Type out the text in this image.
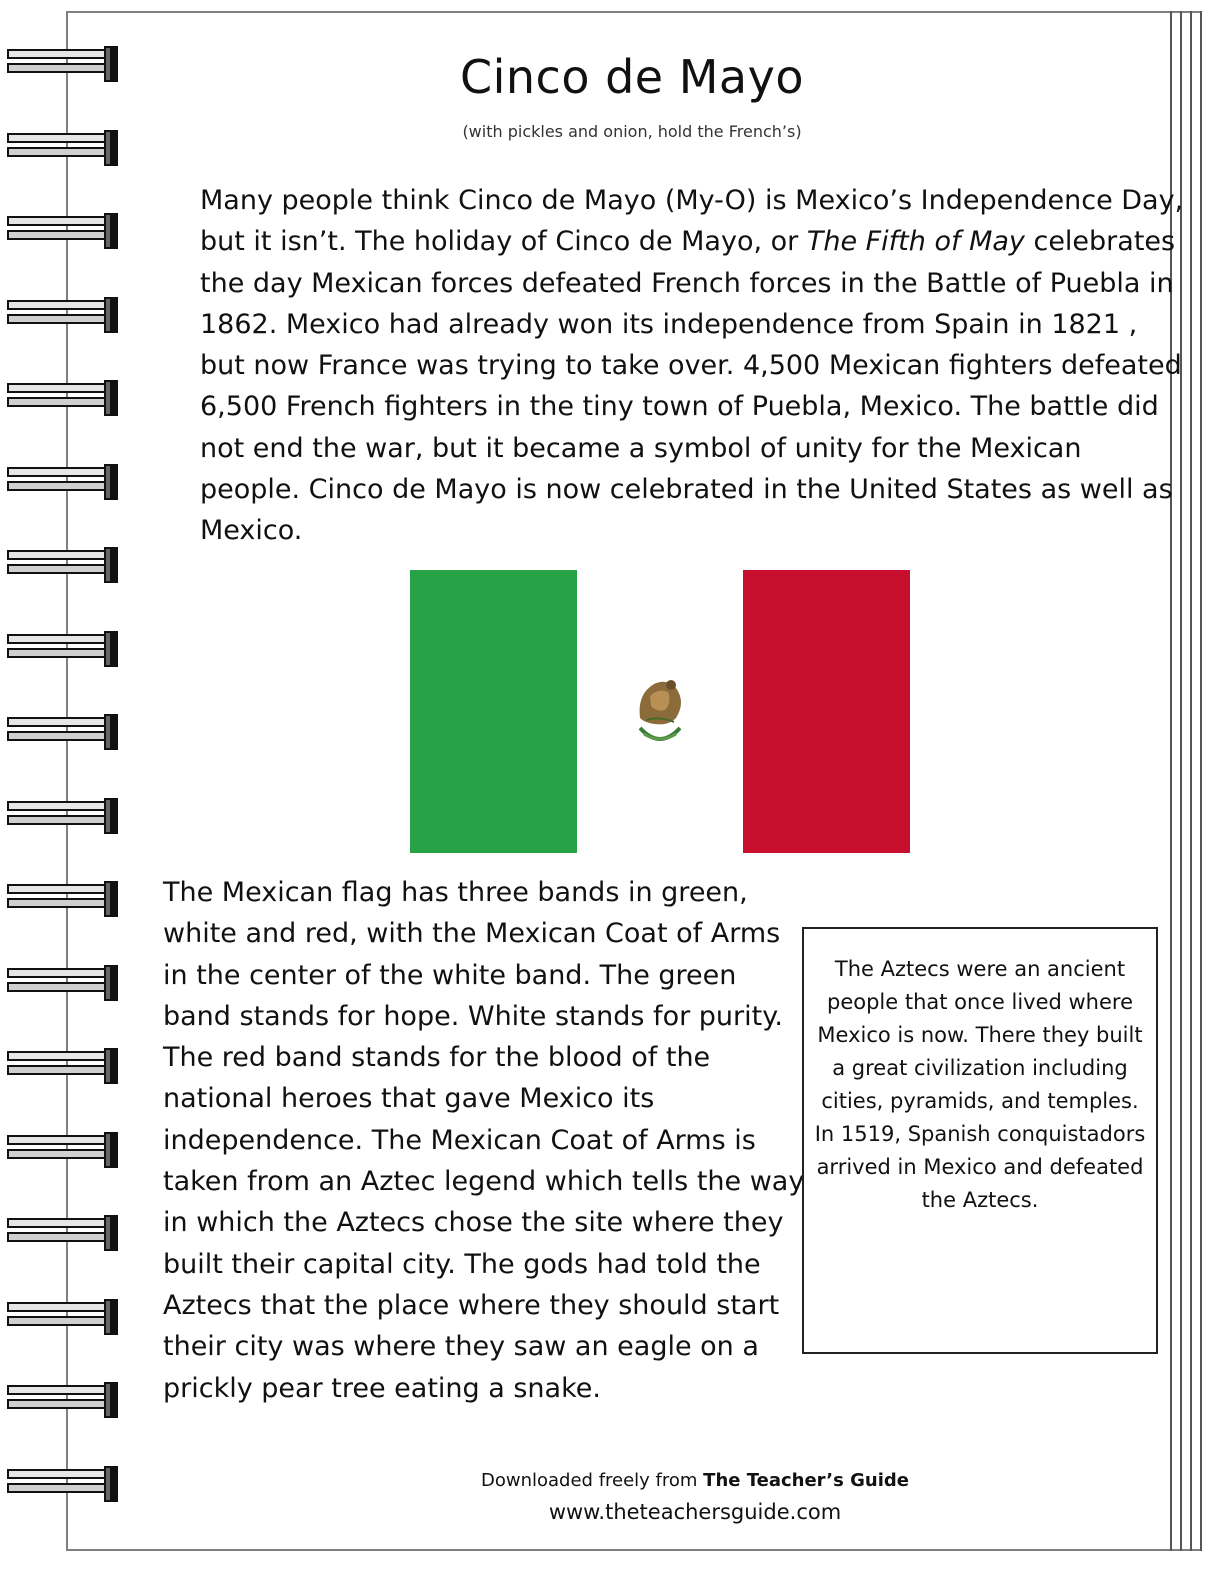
Cinco de Mayo
(with pickles and onion, hold the French’s)
Many people think Cinco de Mayo (My-O) is Mexico’s Independence Day, but it isn’t. The holiday of Cinco de Mayo, or The Fifth of May celebrates the day Mexican forces defeated French forces in the Battle of Puebla in 1862. Mexico had already won its independence from Spain in 1821 , but now France was trying to take over. 4,500 Mexican fighters defeated 6,500 French fighters in the tiny town of Puebla, Mexico. The battle did not end the war, but it became a symbol of unity for the Mexican people. Cinco de Mayo is now celebrated in the United States as well as Mexico.
The Mexican flag has three bands in green, white and red, with the Mexican Coat of Arms in the center of the white band. The green band stands for hope. White stands for purity. The red band stands for the blood of the national heroes that gave Mexico its independence. The Mexican Coat of Arms is taken from an Aztec legend which tells the way in which the Aztecs chose the site where they built their capital city. The gods had told the Aztecs that the place where they should start their city was where they saw an eagle on a prickly pear tree eating a snake.
The Aztecs were an ancient people that once lived where Mexico is now. There they built a great civilization including cities, pyramids, and temples. In 1519, Spanish conquistadors arrived in Mexico and defeated the Aztecs.
Downloaded freely from The Teacher’s Guide
www.theteachersguide.com
